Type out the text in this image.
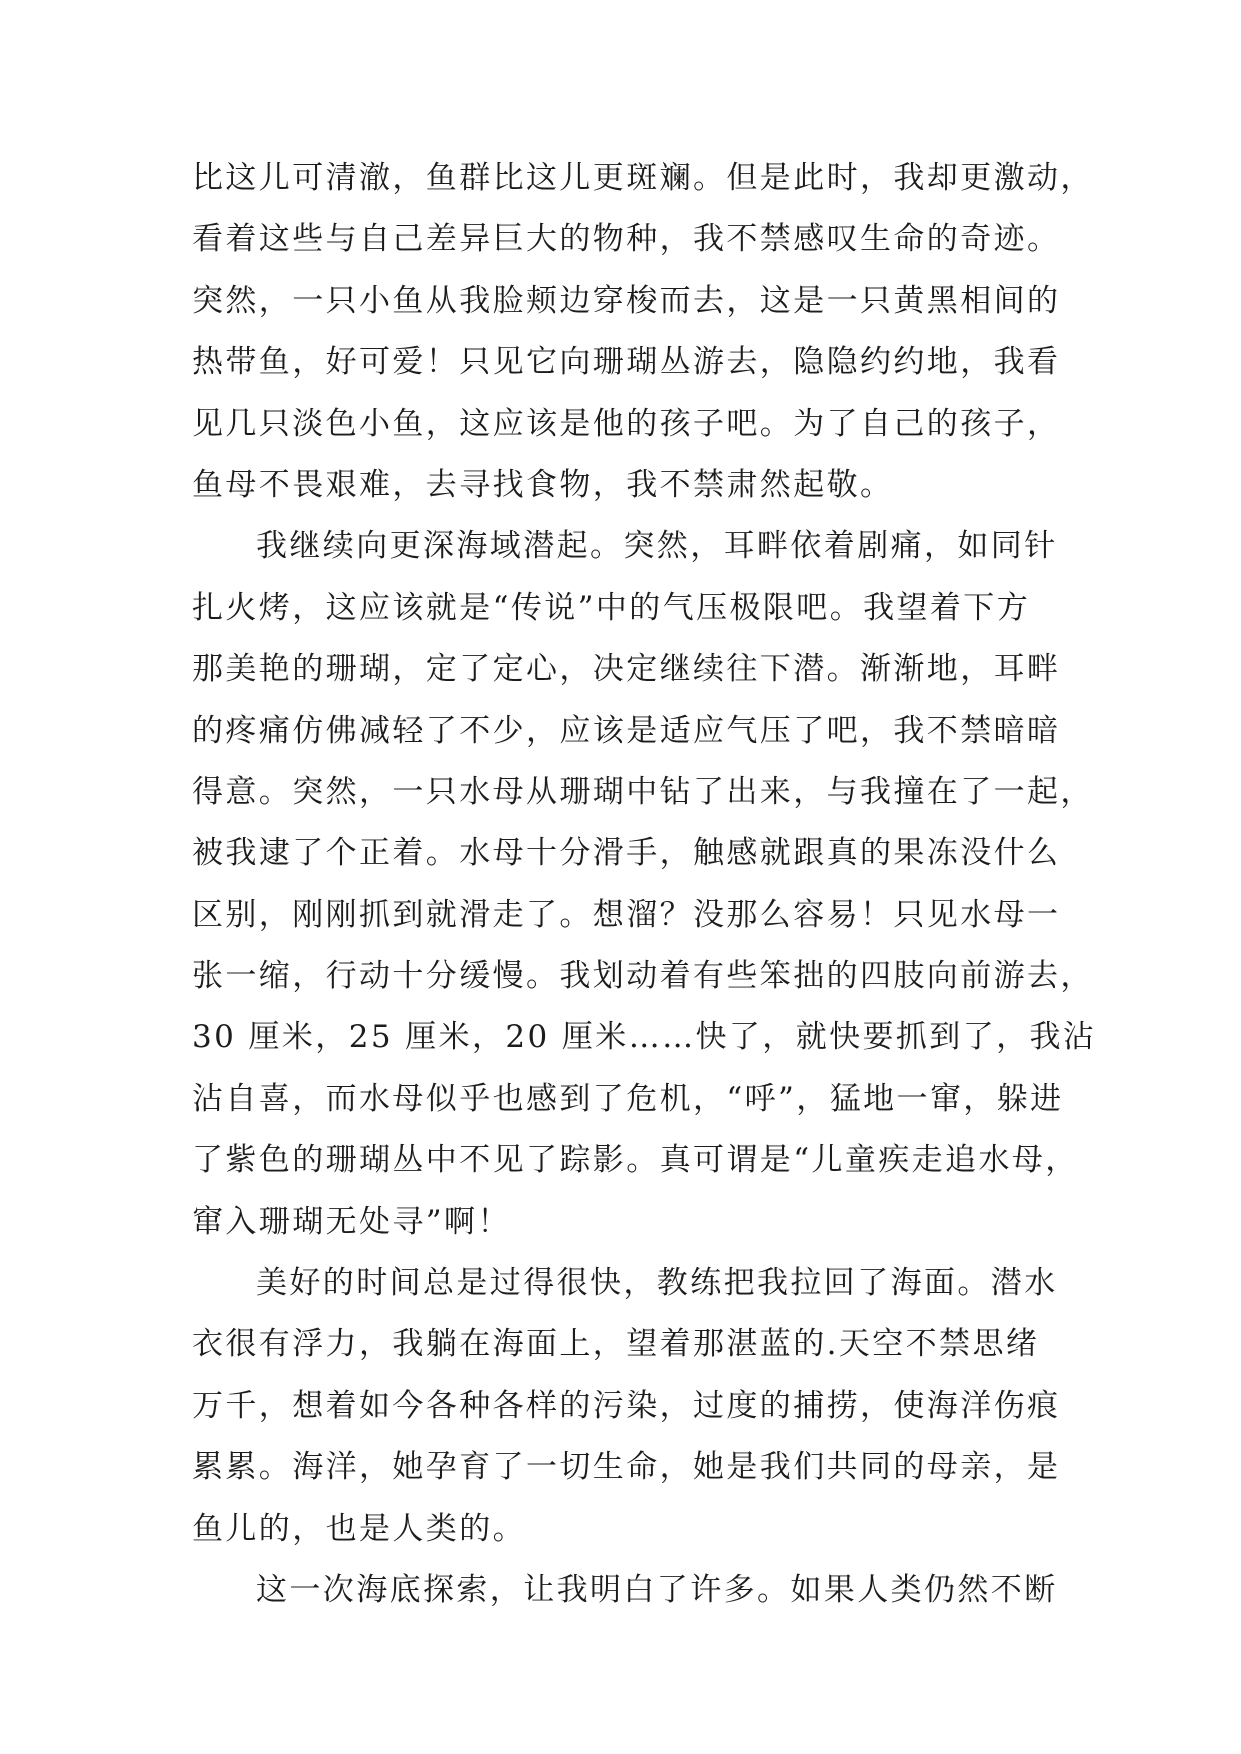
比这儿可清澈，鱼群比这儿更斑斓。但是此时，我却更激动，
看着这些与自己差异巨大的物种，我不禁感叹生命的奇迹。
突然，一只小鱼从我脸颊边穿梭而去，这是一只黄黑相间的
热带鱼，好可爱！只见它向珊瑚丛游去，隐隐约约地，我看
见几只淡色小鱼，这应该是他的孩子吧。为了自己的孩子，
鱼母不畏艰难，去寻找食物，我不禁肃然起敬。
我继续向更深海域潜起。突然，耳畔依着剧痛，如同针
扎火烤，这应该就是“传说”中的气压极限吧。我望着下方
那美艳的珊瑚，定了定心，决定继续往下潜。渐渐地，耳畔
的疼痛仿佛减轻了不少，应该是适应气压了吧，我不禁暗暗
得意。突然，一只水母从珊瑚中钻了出来，与我撞在了一起，
被我逮了个正着。水母十分滑手，触感就跟真的果冻没什么
区别，刚刚抓到就滑走了。想溜？没那么容易！只见水母一
张一缩，行动十分缓慢。我划动着有些笨拙的四肢向前游去，
30 厘米，25 厘米，20 厘米……快了，就快要抓到了，我沾
沾自喜，而水母似乎也感到了危机，“呼”，猛地一窜，躲进
了紫色的珊瑚丛中不见了踪影。真可谓是“儿童疾走追水母，
窜入珊瑚无处寻”啊！
美好的时间总是过得很快，教练把我拉回了海面。潜水
衣很有浮力，我躺在海面上，望着那湛蓝的.天空不禁思绪
万千，想着如今各种各样的污染，过度的捕捞，使海洋伤痕
累累。海洋，她孕育了一切生命，她是我们共同的母亲，是
鱼儿的，也是人类的。
这一次海底探索，让我明白了许多。如果人类仍然不断
